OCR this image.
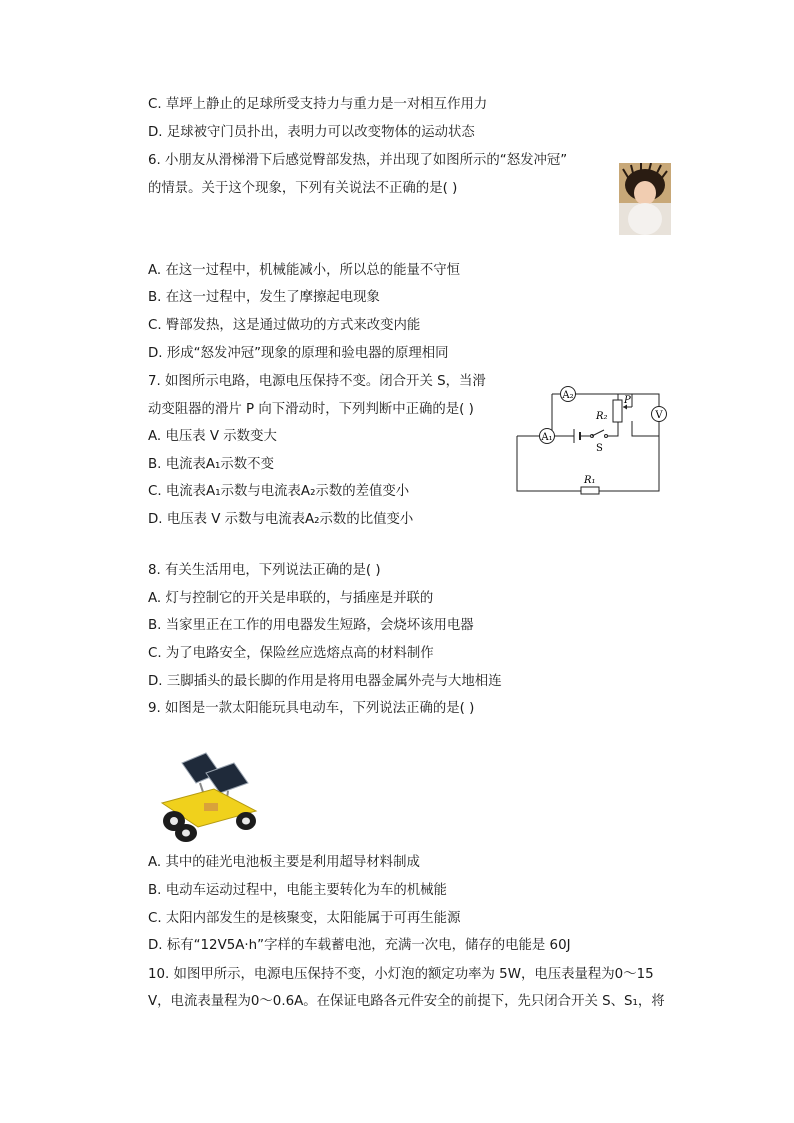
C. 草坪上静止的足球所受支持力与重力是一对相互作用力
D. 足球被守门员扑出，表明力可以改变物体的运动状态
6. 小朋友从滑梯滑下后感觉臀部发热，并出现了如图所示的“怒发冲冠”
的情景。关于这个现象，下列有关说法不正确的是( )
A. 在这一过程中，机械能减小，所以总的能量不守恒
B. 在这一过程中，发生了摩擦起电现象
C. 臀部发热，这是通过做功的方式来改变内能
D. 形成“怒发冲冠”现象的原理和验电器的原理相同
7. 如图所示电路，电源电压保持不变。闭合开关 S，当滑
动变阻器的滑片 P 向下滑动时，下列判断中正确的是( )
A. 电压表 V 示数变大
B. 电流表A₁示数不变
C. 电流表A₁示数与电流表A₂示数的差值变小
D. 电压表 V 示数与电流表A₂示数的比值变小
A₂
A₁
V
R₂
P
S
R₁
8. 有关生活用电，下列说法正确的是( )
A. 灯与控制它的开关是串联的，与插座是并联的
B. 当家里正在工作的用电器发生短路，会烧坏该用电器
C. 为了电路安全，保险丝应选熔点高的材料制作
D. 三脚插头的最长脚的作用是将用电器金属外壳与大地相连
9. 如图是一款太阳能玩具电动车，下列说法正确的是( )
A. 其中的硅光电池板主要是利用超导材料制成
B. 电动车运动过程中，电能主要转化为车的机械能
C. 太阳内部发生的是核聚变，太阳能属于可再生能源
D. 标有“12V5A·h”字样的车载蓄电池，充满一次电，储存的电能是 60J
10. 如图甲所示，电源电压保持不变，小灯泡的额定功率为 5W，电压表量程为0～15
V，电流表量程为0～0.6A。在保证电路各元件安全的前提下，先只闭合开关 S、S₁，将
